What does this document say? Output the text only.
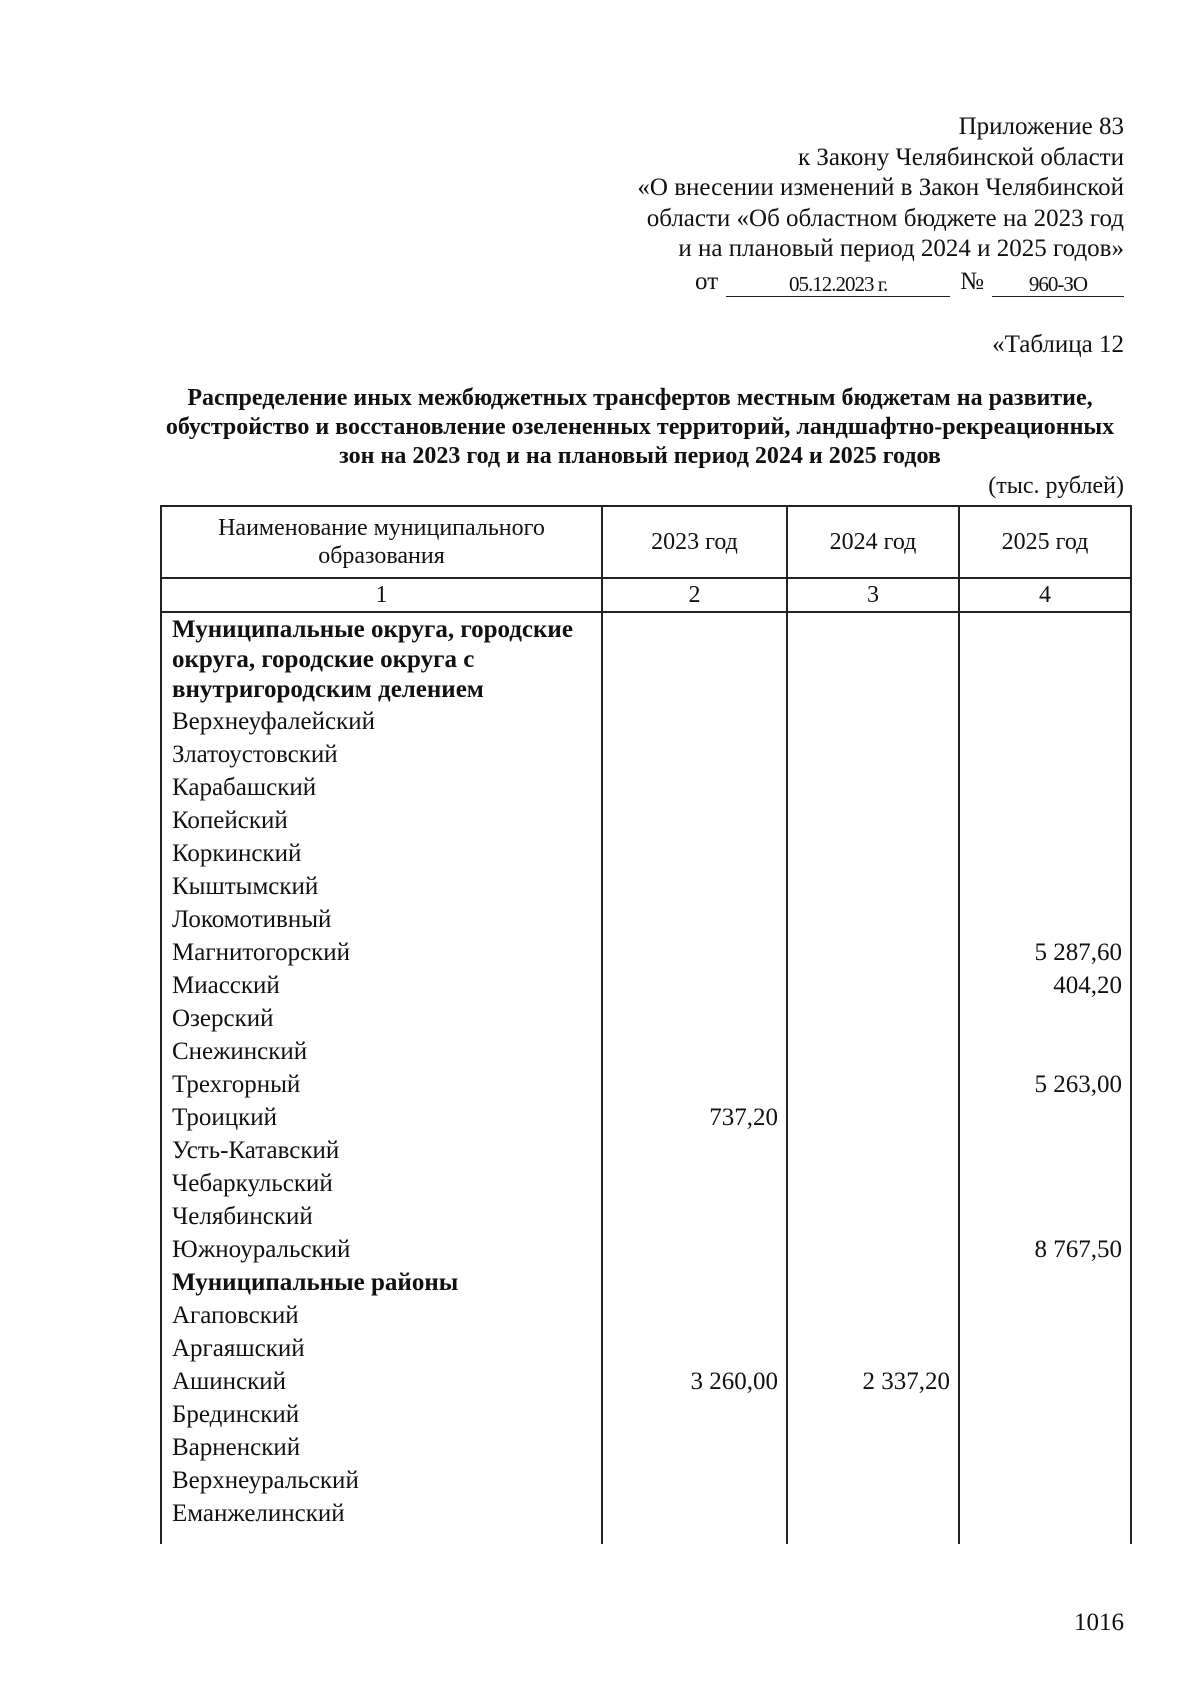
Приложение 83
к Закону Челябинской области
«О внесении изменений в Закон Челябинской
области «Об областном бюджете на 2023 год
и на плановый период 2024 и 2025 годов»
от	05.12.2023 г.	№	960-ЗО
«Таблица 12
Распределение иных межбюджетных трансфертов местным бюджетам на развитие, обустройство и восстановление озелененных территорий, ландшафтно-рекреационных зон на 2023 год и на плановый период 2024 и 2025 годов
(тыс. рублей)
Наименование муниципального образования	2023 год	2024 год	2025 год
1	2	3	4
Муниципальные округа, городские округа, городские округа с внутригородским делением			
Верхнеуфалейский			
Златоустовский			
Карабашский			
Копейский			
Коркинский			
Кыштымский			
Локомотивный			
Магнитогорский			5 287,60
Миасский			404,20
Озерский			
Снежинский			
Трехгорный			5 263,00
Троицкий	737,20		
Усть-Катавский			
Чебаркульский			
Челябинский			
Южноуральский			8 767,50
Муниципальные районы			
Агаповский			
Аргаяшский			
Ашинский	3 260,00	2 337,20	
Брединский			
Варненский			
Верхнеуральский			
Еманжелинский			

1016
